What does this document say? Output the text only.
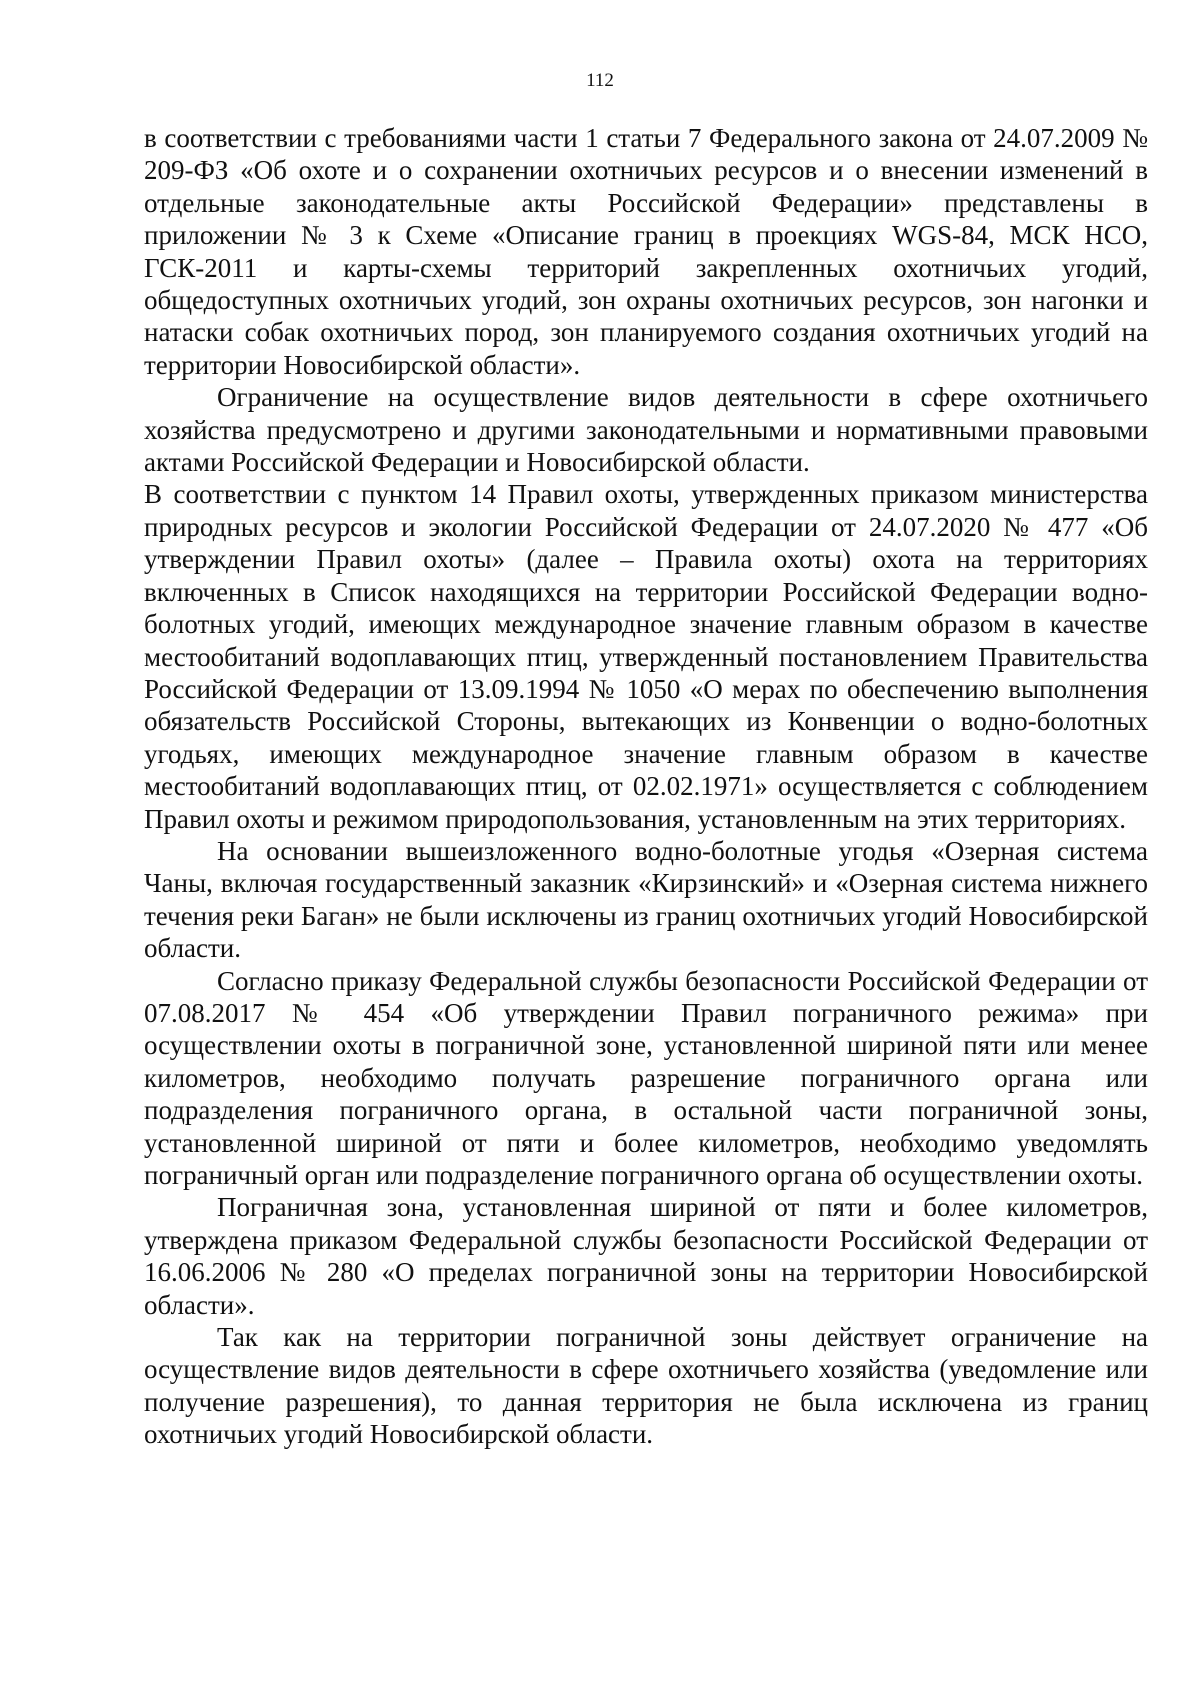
112

в соответствии с требованиями части 1 статьи 7 Федерального закона от 24.07.2009 № 209-ФЗ «Об охоте и о сохранении охотничьих ресурсов и о внесении изменений в отдельные законодательные акты Российской Федерации» представлены в приложении № 3 к Схеме «Описание границ в проекциях WGS-84, МСК НСО, ГСК-2011 и карты-схемы территорий закрепленных охотничьих угодий, общедоступных охотничьих угодий, зон охраны охотничьих ресурсов, зон нагонки и натаски собак охотничьих пород, зон планируемого создания охотничьих угодий на территории Новосибирской области».

Ограничение на осуществление видов деятельности в сфере охотничьего хозяйства предусмотрено и другими законодательными и нормативными правовыми актами Российской Федерации и Новосибирской области.

В соответствии с пунктом 14 Правил охоты, утвержденных приказом министерства природных ресурсов и экологии Российской Федерации от 24.07.2020 № 477 «Об утверждении Правил охоты» (далее – Правила охоты) охота на территориях включенных в Список находящихся на территории Российской Федерации водно-болотных угодий, имеющих международное значение главным образом в качестве местообитаний водоплавающих птиц, утвержденный постановлением Правительства Российской Федерации от 13.09.1994 № 1050 «О мерах по обеспечению выполнения обязательств Российской Стороны, вытекающих из Конвенции о водно-болотных угодьях, имеющих международное значение главным образом в качестве местообитаний водоплавающих птиц, от 02.02.1971» осуществляется с соблюдением Правил охоты и режимом природопользования, установленным на этих территориях.

На основании вышеизложенного водно-болотные угодья «Озерная система Чаны, включая государственный заказник «Кирзинский» и «Озерная система нижнего течения реки Баган» не были исключены из границ охотничьих угодий Новосибирской области.

Согласно приказу Федеральной службы безопасности Российской Федерации от 07.08.2017 № 454 «Об утверждении Правил пограничного режима» при осуществлении охоты в пограничной зоне, установленной шириной пяти или менее километров, необходимо получать разрешение пограничного органа или подразделения пограничного органа, в остальной части пограничной зоны, установленной шириной от пяти и более километров, необходимо уведомлять пограничный орган или подразделение пограничного органа об осуществлении охоты.

Пограничная зона, установленная шириной от пяти и более километров, утверждена приказом Федеральной службы безопасности Российской Федерации от 16.06.2006 № 280 «О пределах пограничной зоны на территории Новосибирской области».

Так как на территории пограничной зоны действует ограничение на осуществление видов деятельности в сфере охотничьего хозяйства (уведомление или получение разрешения), то данная территория не была исключена из границ охотничьих угодий Новосибирской области.
